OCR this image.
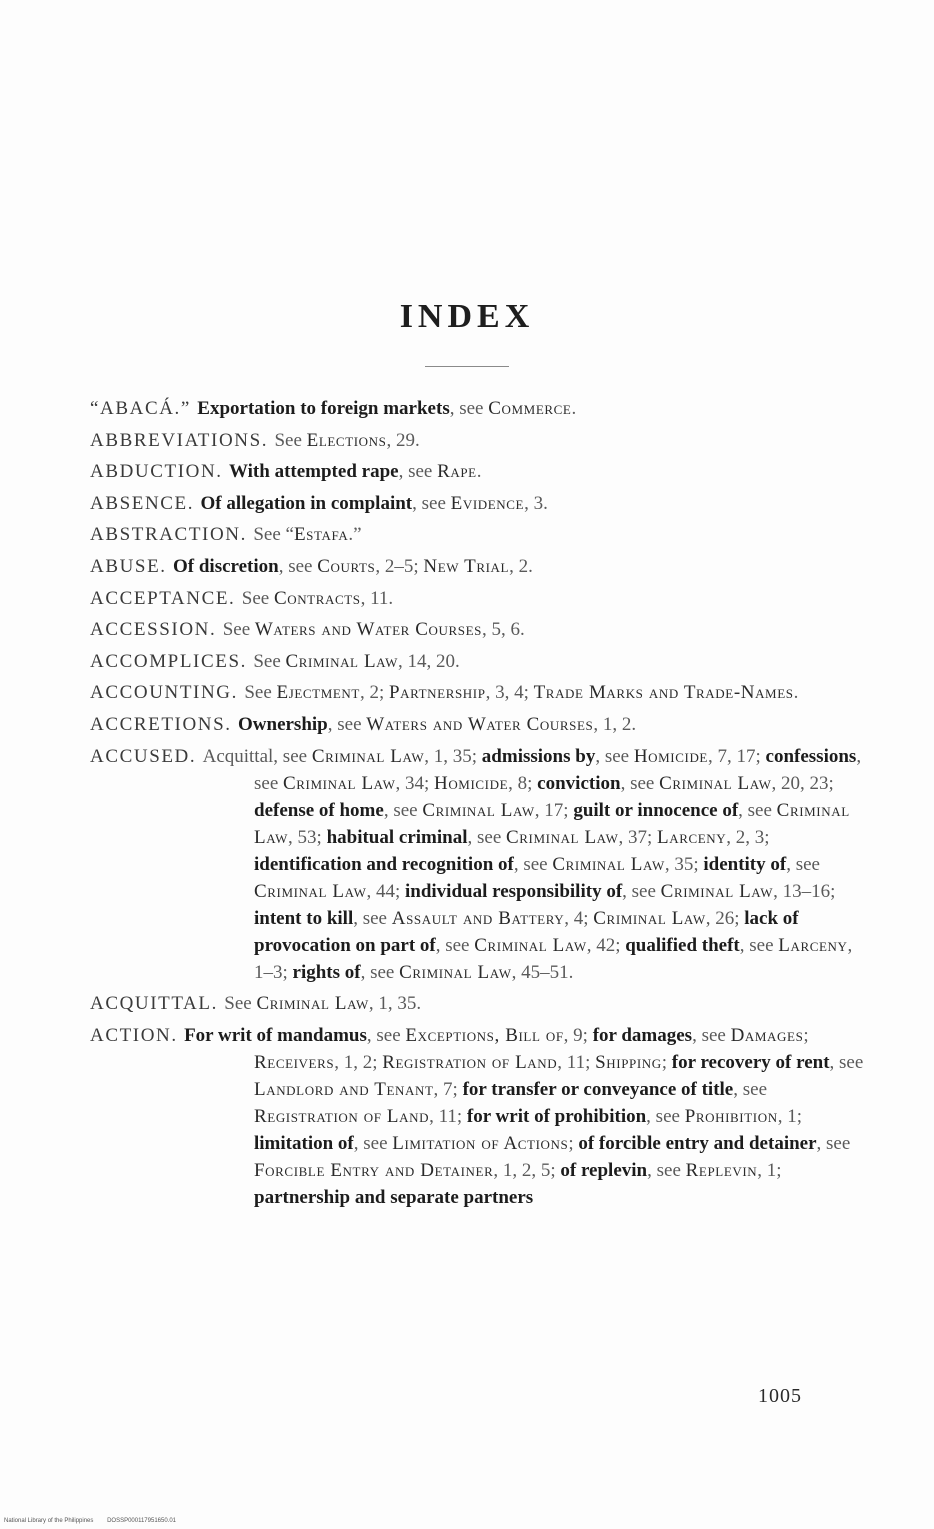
INDEX
“ABACÁ.” Exportation to foreign markets, see Commerce.
ABBREVIATIONS. See Elections, 29.
ABDUCTION. With attempted rape, see Rape.
ABSENCE. Of allegation in complaint, see Evidence, 3.
ABSTRACTION. See “Estafa.”
ABUSE. Of discretion, see Courts, 2–5; New Trial, 2.
ACCEPTANCE. See Contracts, 11.
ACCESSION. See Waters and Water Courses, 5, 6.
ACCOMPLICES. See Criminal Law, 14, 20.
ACCOUNTING. See Ejectment, 2; Partnership, 3, 4; Trade Marks and Trade-Names.
ACCRETIONS. Ownership, see Waters and Water Courses, 1, 2.
ACCUSED. Acquittal, see Criminal Law, 1, 35; admissions by, see Homicide, 7, 17; confessions, see Criminal Law, 34; Homicide, 8; conviction, see Criminal Law, 20, 23; defense of home, see Criminal Law, 17; guilt or innocence of, see Criminal Law, 53; habitual criminal, see Criminal Law, 37; Larceny, 2, 3; identification and recognition of, see Criminal Law, 35; identity of, see Criminal Law, 44; individual responsibility of, see Criminal Law, 13–16; intent to kill, see Assault and Battery, 4; Criminal Law, 26; lack of provocation on part of, see Criminal Law, 42; qualified theft, see Larceny, 1–3; rights of, see Criminal Law, 45–51.
ACQUITTAL. See Criminal Law, 1, 35.
ACTION. For writ of mandamus, see Exceptions, Bill of, 9; for damages, see Damages; Receivers, 1, 2; Registration of Land, 11; Shipping; for recovery of rent, see Landlord and Tenant, 7; for transfer or conveyance of title, see Registration of Land, 11; for writ of prohibition, see Prohibition, 1; limitation of, see Limitation of Actions; of forcible entry and detainer, see Forcible Entry and Detainer, 1, 2, 5; of replevin, see Replevin, 1; partnership and separate partners
1005
National Library of the Philippines DOSSP000117951650.01
